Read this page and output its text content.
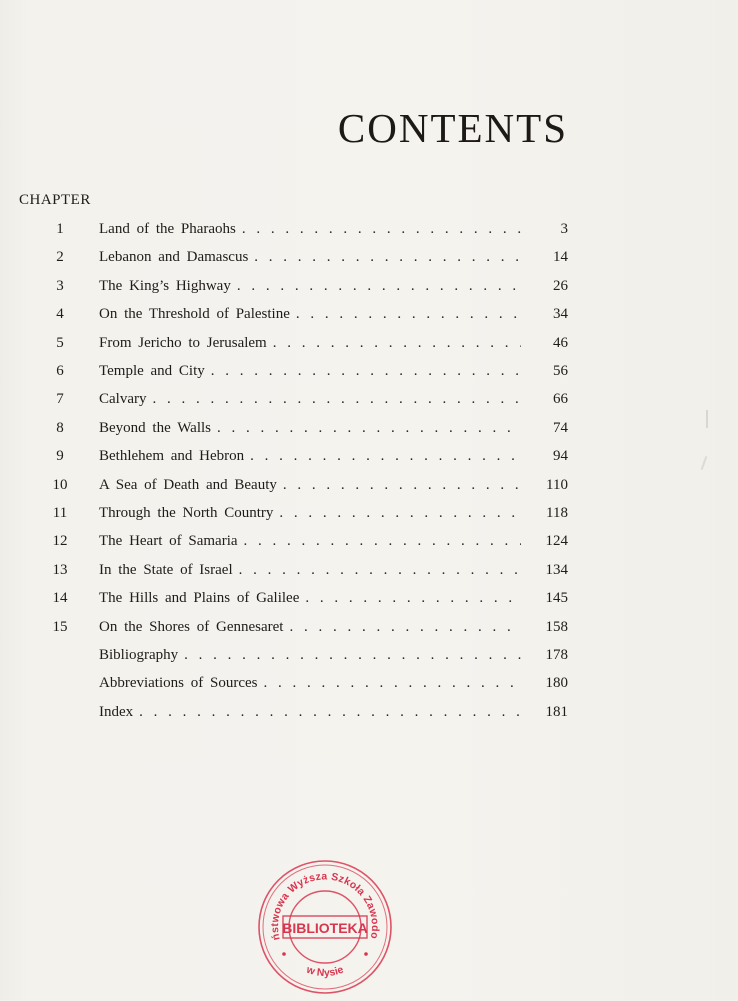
CONTENTS
CHAPTER
1	Land of the Pharaohs . . .	3
2	Lebanon and Damascus . . .	14
3	The King’s Highway . . .	26
4	On the Threshold of Palestine . . .	34
5	From Jericho to Jerusalem . . .	46
6	Temple and City . . .	56
7	Calvary . . .	66
8	Beyond the Walls . . .	74
9	Bethlehem and Hebron . . .	94
10	A Sea of Death and Beauty . . .	110
11	Through the North Country . . .	118
12	The Heart of Samaria . . .	124
13	In the State of Israel . . .	134
14	The Hills and Plains of Galilee . . .	145
15	On the Shores of Gennesaret . . .	158
Bibliography . . .	178
Abbreviations of Sources . . .	180
Index . . .	181
BIBLIOTEKA
ństwowa Wyższa Szkoła Zawodo
w Nysie
